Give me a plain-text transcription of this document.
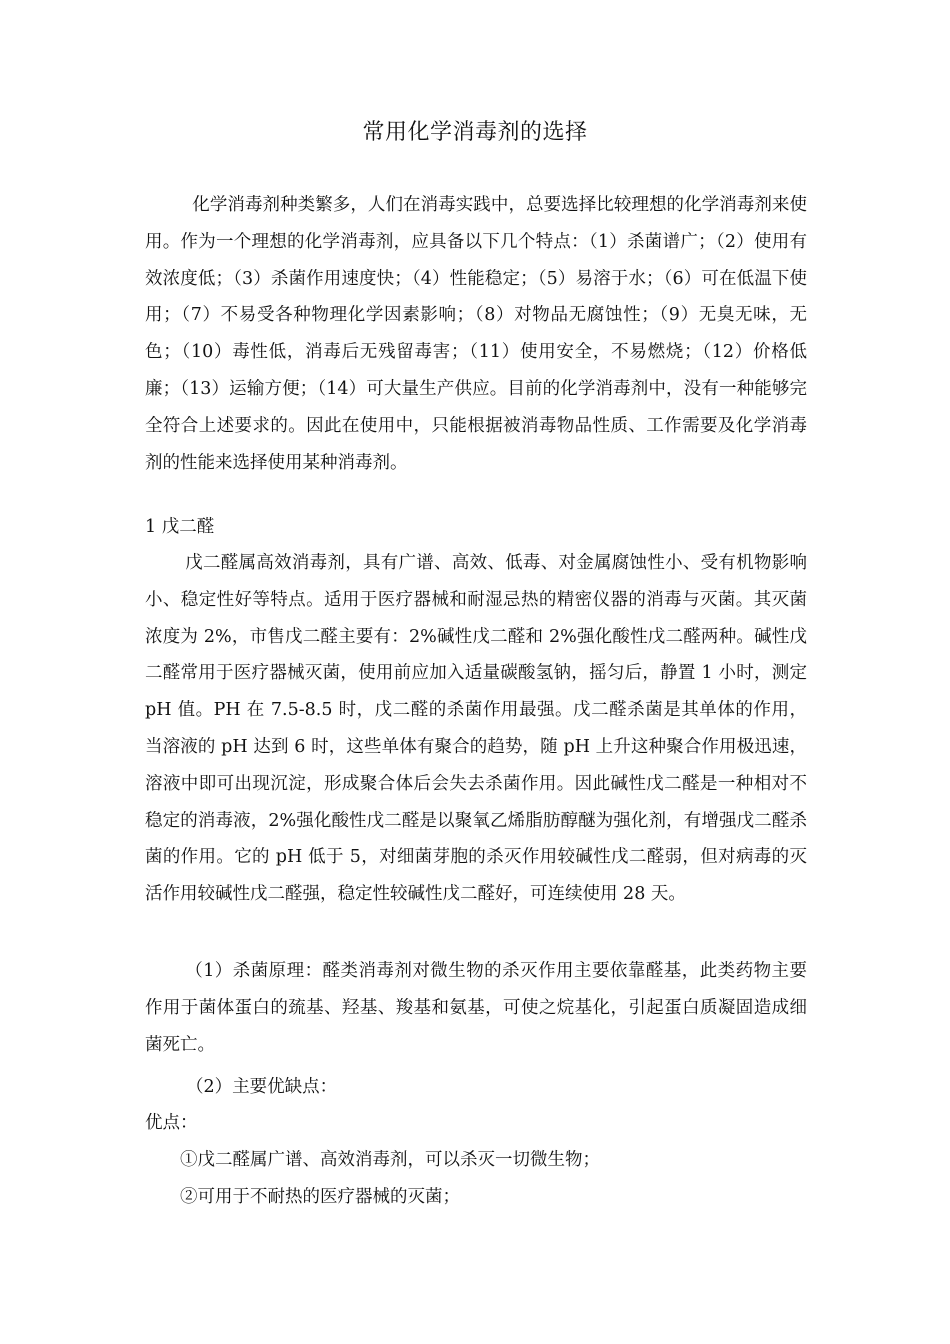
常用化学消毒剂的选择

化学消毒剂种类繁多，人们在消毒实践中，总要选择比较理想的化学消毒剂来使用。作为一个理想的化学消毒剂，应具备以下几个特点：（1）杀菌谱广；（2）使用有效浓度低；（3）杀菌作用速度快；（4）性能稳定；（5）易溶于水；（6）可在低温下使用；（7）不易受各种物理化学因素影响；（8）对物品无腐蚀性；（9）无臭无味，无色；（10）毒性低，消毒后无残留毒害；（11）使用安全，不易燃烧；（12）价格低廉；（13）运输方便；（14）可大量生产供应。目前的化学消毒剂中，没有一种能够完全符合上述要求的。因此在使用中，只能根据被消毒物品性质、工作需要及化学消毒剂的性能来选择使用某种消毒剂。

1 戊二醛

戊二醛属高效消毒剂，具有广谱、高效、低毒、对金属腐蚀性小、受有机物影响小、稳定性好等特点。适用于医疗器械和耐湿忌热的精密仪器的消毒与灭菌。其灭菌浓度为 2%，市售戊二醛主要有：2%碱性戊二醛和 2%强化酸性戊二醛两种。碱性戊二醛常用于医疗器械灭菌，使用前应加入适量碳酸氢钠，摇匀后，静置 1 小时，测定 pH 值。PH 在 7.5-8.5 时，戊二醛的杀菌作用最强。戊二醛杀菌是其单体的作用，当溶液的 pH 达到 6 时，这些单体有聚合的趋势，随 pH 上升这种聚合作用极迅速，溶液中即可出现沉淀，形成聚合体后会失去杀菌作用。因此碱性戊二醛是一种相对不稳定的消毒液，2%强化酸性戊二醛是以聚氧乙烯脂肪醇醚为强化剂，有增强戊二醛杀菌的作用。它的 pH 低于 5，对细菌芽胞的杀灭作用较碱性戊二醛弱，但对病毒的灭活作用较碱性戊二醛强，稳定性较碱性戊二醛好，可连续使用 28 天。

（1）杀菌原理：醛类消毒剂对微生物的杀灭作用主要依靠醛基，此类药物主要作用于菌体蛋白的巯基、羟基、羧基和氨基，可使之烷基化，引起蛋白质凝固造成细菌死亡。

（2）主要优缺点：

优点：

①戊二醛属广谱、高效消毒剂，可以杀灭一切微生物；

②可用于不耐热的医疗器械的灭菌；
